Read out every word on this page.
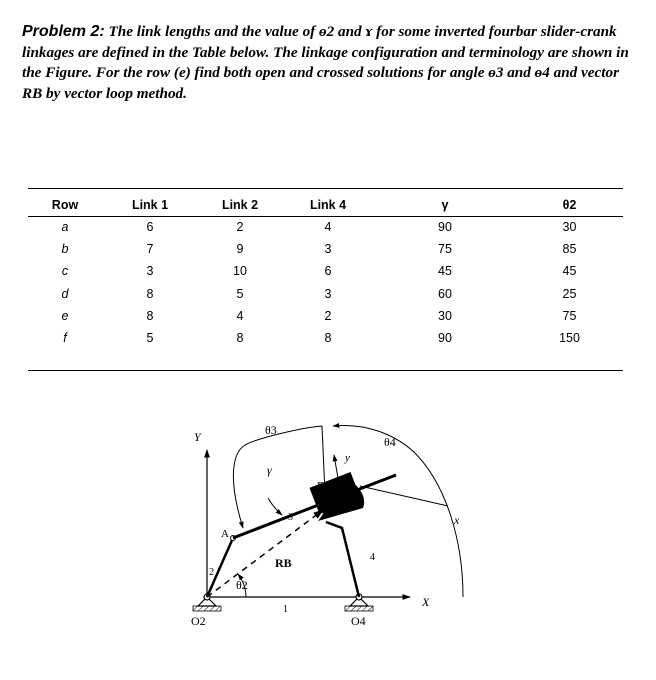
Problem 2: The link lengths and the value of ɵ2 and ɤ for some inverted fourbar slider-crank linkages are defined in the Table below. The linkage configuration and terminology are shown in the Figure. For the row (e) find both open and crossed solutions for angle ɵ3 and ɵ4 and vector RB by vector loop method.
Row	Link 1	Link 2	Link 4	γ	θ2
a	6	2	4	90	30
b	7	9	3	75	85
c	3	10	6	45	45
d	8	5	3	60	25
e	8	4	2	30	75
f	5	8	8	90	150
Y
X
x
y
A
B
2
3
4
1
θ2
θ3
θ4
γ
RB
O2	O4
